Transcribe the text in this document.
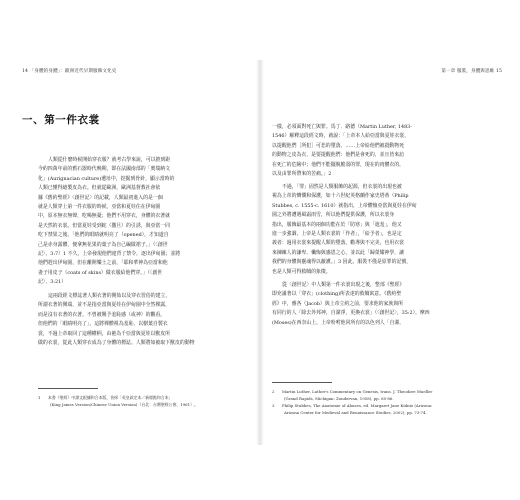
14 「身體的身體」：歐洲近代早期服飾文化史
一、第一件衣裳
人類從什麼時候開始穿衣服？就考古學來說，可以推到距
今約四萬年前的舊石器時代晚期，即在法國南部的「奧瑞納文
化」(Aurignacian culture)遺址中，挖掘到骨針，顯示當時的
人類已懂得縫製皮為衣。但就從歐洲，歐洲基督教社會依
據《舊約聖經》〈創世記〉的記載，人類最初進入的是一個
就是人類穿上第一件衣服的時候。亞當和夏娃住在伊甸園
中，原本無衣無聲，吃喝無憂；他們不用穿衣，身體的衣著就
是天然的衣裳。但當夏娃受到蛇（撒旦）的引誘，與亞當一同
吃下禁果之後，「他們的眼睛就明亮了（opened），才知道自
己是赤身露體，便拿無花果的葉子為自己編做裙子。」（〈創世
記〉，3:7）1 不久，上帝發現他們違背了禁令，逐出伊甸園；並將
他們趕出伊甸園，但在離開樂土之前，「耶和華神為亞當和他
妻子用皮子（coats of skins）做衣服給他們穿。」（〈創世
記〉，3:21）
這兩段經文標誌著人類衣著的開始以及穿衣習俗的建立，
所謂衣著的開端，並不是指亞當與夏娃在伊甸園中全然裸露，
而是沒有衣著的衣著。不曾被賜予羞恥感（或神）的觀看。
但他們的「眼睛明亮了」，這將裸體視為羞恥，以樹葉自製衣
裳，不過上帝取回了這種權柄，由祂為千亞當與夏娃以獸皮所
做的衣裳，從此人類穿衣成為了身體的標誌。人類將如被取下獸皮的動物
1 本書《聖經》中譯文根據和合本版，皆採「英皇欽定本／新標點和合本」
(King James Version/Chinese Union Version)（台北：台灣聖經公會，1961）。
第一章 服裝，身體與思維 15
一樣，必須面對死亡與罪。馬丁．路德（Martin Luther, 1483-
1546）解釋這段經文時，就說：「上帝本人給亞當與夏娃衣裳，
以提醒他們［所犯］可悲的墮落，……上帝給他們被殺動物死
的動物之皮為衣，是要提醒他們：他們是會死的，並且皆來訪
在死亡的危險中；他們不能擺脫脆弱的罪，現在的肉體衣的，
以及由罪所帶來的苦痛。」2
不過，「罪」固然是人類服飾的起源，但衣裳的出現也被
視為上帝的憐憫和保護，如十六世紀英格蘭作家史塔蒂（Philip
Stubbes, c. 1555-c. 1610）就指出，上帝體恤亞當與夏娃在伊甸
園之外將遭遇風霜雨雪，所以他們提供保護，所以衣裳身
指出，服飾最基本的兩個功能在於「防寒」與「遮羞」，他又
進一步強調，上帝是人類衣裳的「作者」，「給予者」，也是定
義者：過用衣裳來提醒人類的墮落，勸導與不完美，也用衣裳
來揀練人的謙卑、懺悔與感恩之心，並以此「歸榮耀神學，讓
我們的身體與靈魂得以蔽護。」3 因此，服裝不僅是原罪的記號，
也是人類可得救贖的象徵。
從〈創世記〉中人類第一件衣裳出現之後，整部《聖經》
即充滿著以「穿衣」(clothing)所表達的救贖寓意。《舊約聖
經》中，雅各（Jacob）與上帝立約之前，要求他的家族與所
有同行的人「除去外邦神，自潔淨，更換衣裳」（〈創世記〉，35:2）。摩西
(Moses)在西奈山上，上帝吩咐他同所有的以色列人「自潔，
2 Martin Luther, Luther's Commentary on Genesis, trans. J. Theodore Mueller
(Grand Rapids, Michigan: Zondervan, 1958), pp. 85-86.
3 Philip Stubbes, The Anatomie of Abuses, ed. Margaret Jane Kidnie (Arizona:
Arizona Center for Medieval and Renaissance Studies, 2002), pp. 73-74.
